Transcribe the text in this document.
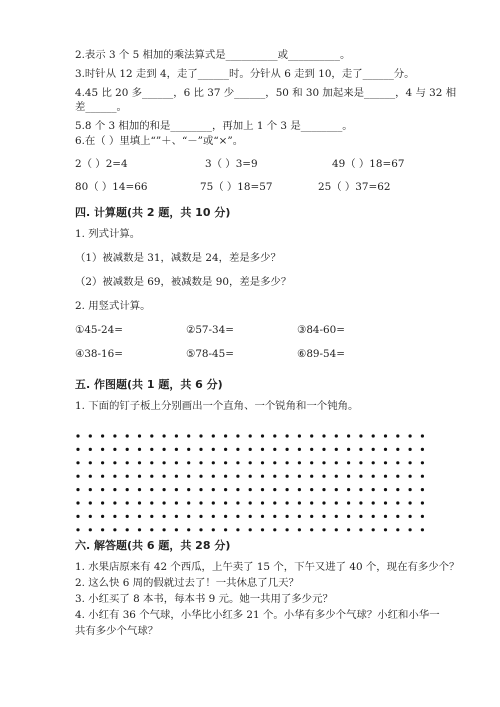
2.表示 3 个 5 相加的乘法算式是__________或__________。
3.时针从 12 走到 4，走了______时。分针从 6 走到 10，走了______分。
4.45 比 20 多______，6 比 37 少______，50 和 30 加起来是______，4 与 32 相
差______。
5.8 个 3 相加的和是________，再加上 1 个 3 是________。
6.在（ ）里填上“”＋、“－”或“×”。
2（ ）2=4	3（ ）3=9	49（ ）18=67
80（ ）14=66	75（ ）18=57	25（ ）37=62
四. 计算题(共 2 题，共 10 分)
1. 列式计算。
（1）被减数是 31，减数是 24，差是多少？
（2）被减数是 69，被减数是 90，差是多少？
2. 用竖式计算。
①45-24=	②57-34=	③84-60=
④38-16=	⑤78-45=	⑥89-54=
五. 作图题(共 1 题，共 6 分)
1. 下面的钉子板上分别画出一个直角、一个锐角和一个钝角。
六. 解答题(共 6 题，共 28 分)
1. 水果店原来有 42 个西瓜，上午卖了 15 个，下午又进了 40 个，现在有多少个？
2. 这么快 6 周的假就过去了！一共休息了几天？
3. 小红买了 8 本书，每本书 9 元。她一共用了多少元？
4. 小红有 36 个气球，小华比小红多 21 个。小华有多少个气球？小红和小华一
共有多少个气球？
